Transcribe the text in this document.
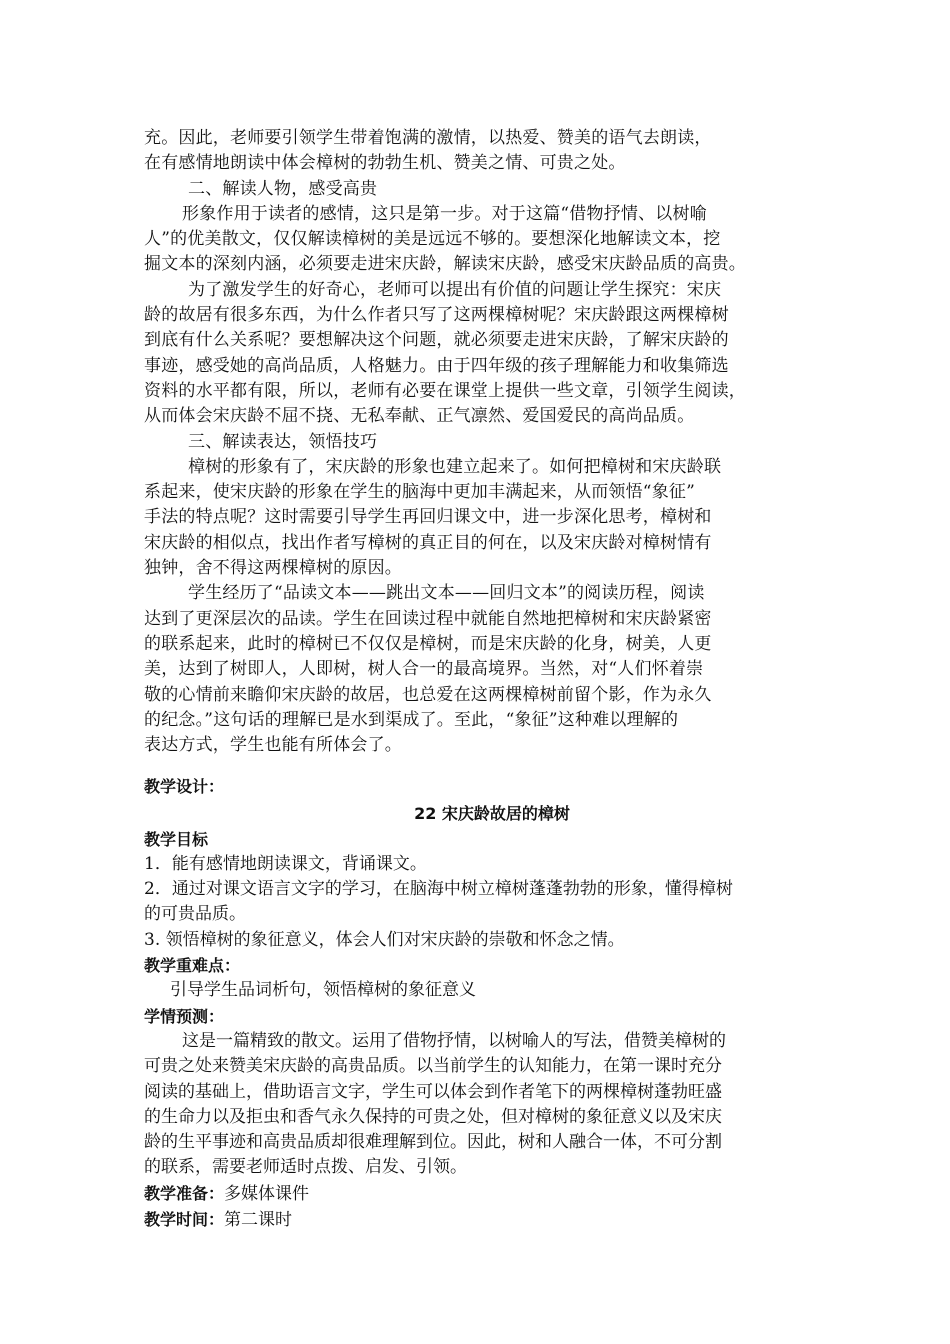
充。因此，老师要引领学生带着饱满的激情，以热爱、赞美的语气去朗读，

在有感情地朗读中体会樟树的勃勃生机、赞美之情、可贵之处。

二、解读人物，感受高贵

形象作用于读者的感情，这只是第一步。对于这篇“借物抒情、以树喻

人”的优美散文，仅仅解读樟树的美是远远不够的。要想深化地解读文本，挖

掘文本的深刻内涵，必须要走进宋庆龄，解读宋庆龄，感受宋庆龄品质的高贵。

为了激发学生的好奇心，老师可以提出有价值的问题让学生探究：宋庆

龄的故居有很多东西，为什么作者只写了这两棵樟树呢？宋庆龄跟这两棵樟树

到底有什么关系呢？要想解决这个问题，就必须要走进宋庆龄，了解宋庆龄的

事迹，感受她的高尚品质，人格魅力。由于四年级的孩子理解能力和收集筛选

资料的水平都有限，所以，老师有必要在课堂上提供一些文章，引领学生阅读，

从而体会宋庆龄不屈不挠、无私奉献、正气凛然、爱国爱民的高尚品质。

三、解读表达，领悟技巧

樟树的形象有了，宋庆龄的形象也建立起来了。如何把樟树和宋庆龄联

系起来，使宋庆龄的形象在学生的脑海中更加丰满起来，从而领悟“象征”

手法的特点呢？这时需要引导学生再回归课文中，进一步深化思考，樟树和

宋庆龄的相似点，找出作者写樟树的真正目的何在，以及宋庆龄对樟树情有

独钟，舍不得这两棵樟树的原因。

学生经历了“品读文本——跳出文本——回归文本”的阅读历程，阅读

达到了更深层次的品读。学生在回读过程中就能自然地把樟树和宋庆龄紧密

的联系起来，此时的樟树已不仅仅是樟树，而是宋庆龄的化身，树美，人更

美，达到了树即人，人即树，树人合一的最高境界。当然，对“人们怀着崇

敬的心情前来瞻仰宋庆龄的故居，也总爱在这两棵樟树前留个影，作为永久

的纪念。”这句话的理解已是水到渠成了。至此，“象征”这种难以理解的

表达方式，学生也能有所体会了。

教学设计：

22 宋庆龄故居的樟树

教学目标

1．能有感情地朗读课文，背诵课文。

2．通过对课文语言文字的学习，在脑海中树立樟树蓬蓬勃勃的形象，懂得樟树

的可贵品质。

3. 领悟樟树的象征意义，体会人们对宋庆龄的崇敬和怀念之情。

教学重难点：

引导学生品词析句，领悟樟树的象征意义

学情预测：

这是一篇精致的散文。运用了借物抒情，以树喻人的写法，借赞美樟树的

可贵之处来赞美宋庆龄的高贵品质。以当前学生的认知能力，在第一课时充分

阅读的基础上，借助语言文字，学生可以体会到作者笔下的两棵樟树蓬勃旺盛

的生命力以及拒虫和香气永久保持的可贵之处，但对樟树的象征意义以及宋庆

龄的生平事迹和高贵品质却很难理解到位。因此，树和人融合一体，不可分割

的联系，需要老师适时点拨、启发、引领。

教学准备：多媒体课件

教学时间：第二课时
